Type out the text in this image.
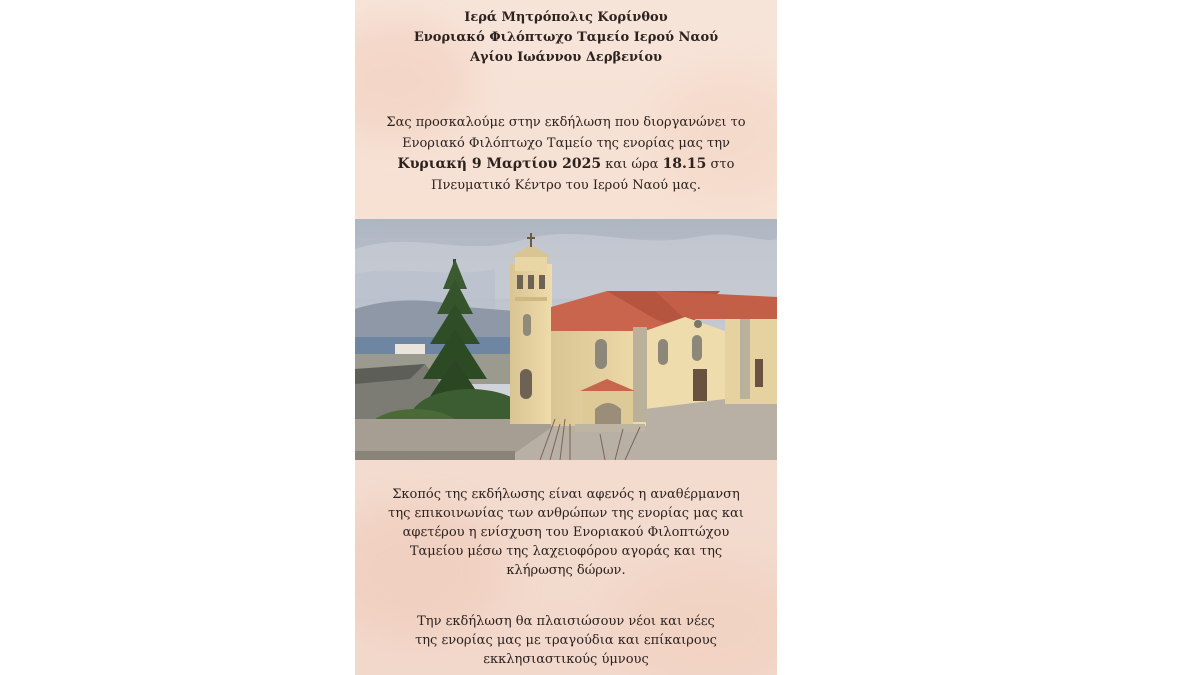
Ιερά Μητρόπολις Κορίνθου
Ενοριακό Φιλόπτωχο Ταμείο Ιερού Ναού
Αγίου Ιωάννου Δερβενίου
Σας προσκαλούμε στην εκδήλωση που διοργανώνει το
Ενοριακό Φιλόπτωχο Ταμείο της ενορίας μας την
Κυριακή 9 Μαρτίου 2025 και ώρα 18.15 στο
Πνευματικό Κέντρο του Ιερού Ναού μας.
Σκοπός της εκδήλωσης είναι αφενός η αναθέρμανση
της επικοινωνίας των ανθρώπων της ενορίας μας και
αφετέρου η ενίσχυση του Ενοριακού Φιλοπτώχου
Ταμείου μέσω της λαχειοφόρου αγοράς και της
κλήρωσης δώρων.
Την εκδήλωση θα πλαισιώσουν νέοι και νέες
της ενορίας μας με τραγούδια και επίκαιρους
εκκλησιαστικούς ύμνους
